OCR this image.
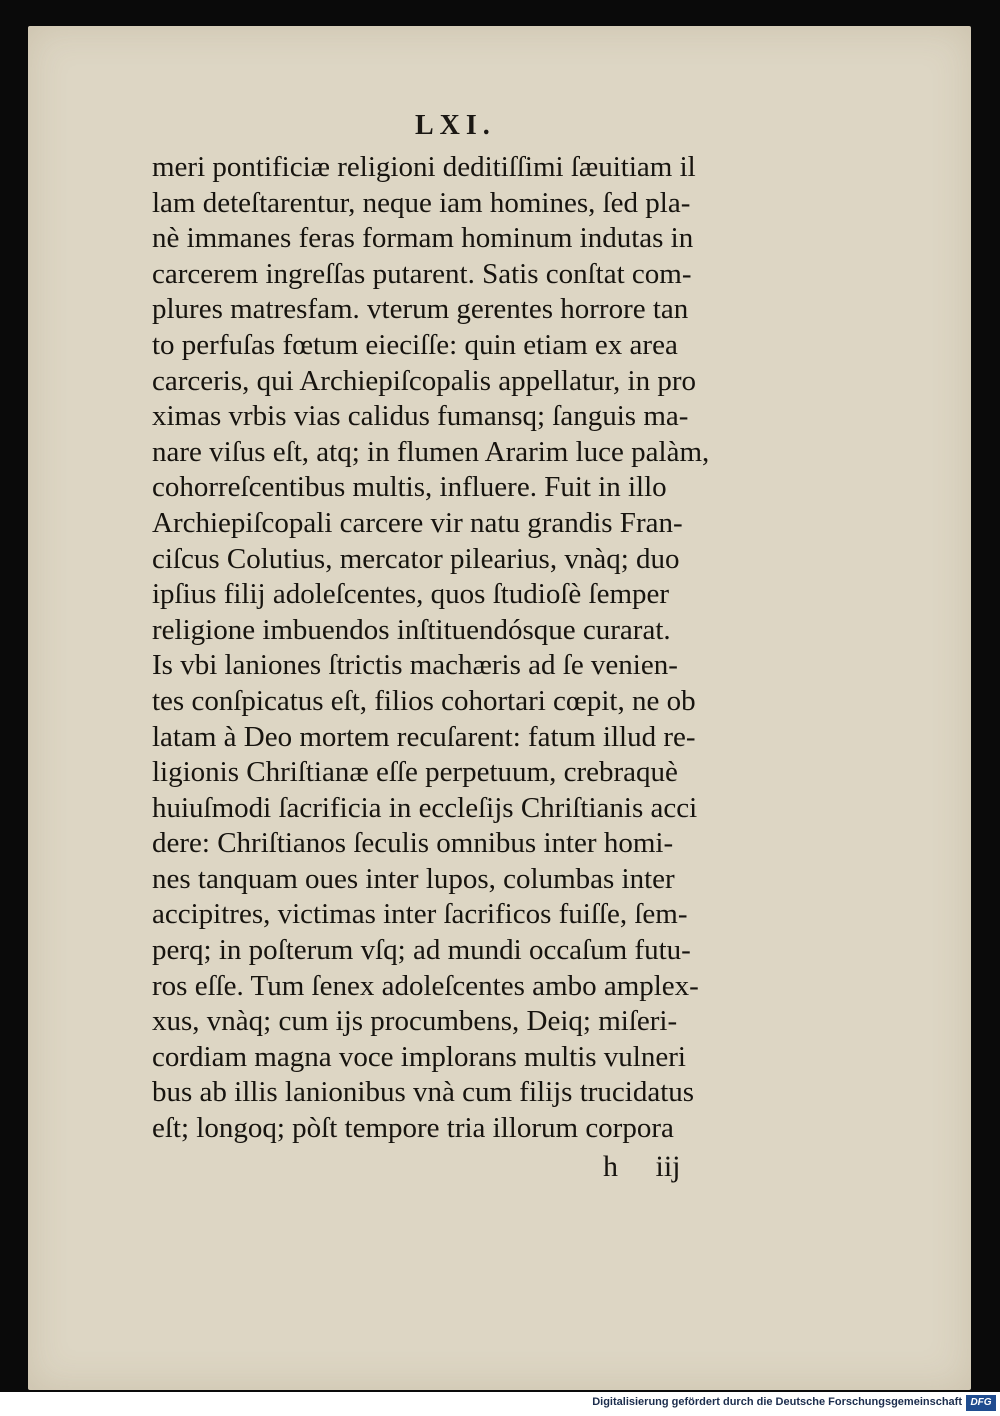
LXI.
meri pontificiæ religioni deditiſſimi ſæuitiam il
lam deteſtarentur, neque iam homines, ſed pla-
nè immanes feras formam hominum indutas in
carcerem ingreſſas putarent. Satis conſtat com-
plures matresfam. vterum gerentes horrore tan
to perfuſas fœtum eieciſſe: quin etiam ex area
carceris, qui Archiepiſcopalis appellatur, in pro
ximas vrbis vias calidus fumansq; ſanguis ma-
nare viſus eſt, atq; in flumen Ararim luce palàm,
cohorreſcentibus multis, influere. Fuit in illo
Archiepiſcopali carcere vir natu grandis Fran-
ciſcus Colutius, mercator pilearius, vnàq; duo
ipſius filij adoleſcentes, quos ſtudioſè ſemper
religione imbuendos inſtituendósque curarat.
Is vbi laniones ſtrictis machæris ad ſe venien-
tes conſpicatus eſt, filios cohortari cœpit, ne ob
latam à Deo mortem recuſarent: fatum illud re-
ligionis Chriſtianæ eſſe perpetuum, crebraquè
huiuſmodi ſacrificia in eccleſijs Chriſtianis acci
dere: Chriſtianos ſeculis omnibus inter homi-
nes tanquam oues inter lupos, columbas inter
accipitres, victimas inter ſacrificos fuiſſe, ſem-
perq; in poſterum vſq; ad mundi occaſum futu-
ros eſſe. Tum ſenex adoleſcentes ambo amplex-
xus, vnàq; cum ijs procumbens, Deiq; miſeri-
cordiam magna voce implorans multis vulneri
bus ab illis lanionibus vnà cum filijs trucidatus
eſt; longoq; pòſt tempore tria illorum corpora
h iij
Digitalisierung gefördert durch die Deutsche Forschungsgemeinschaft DFG
